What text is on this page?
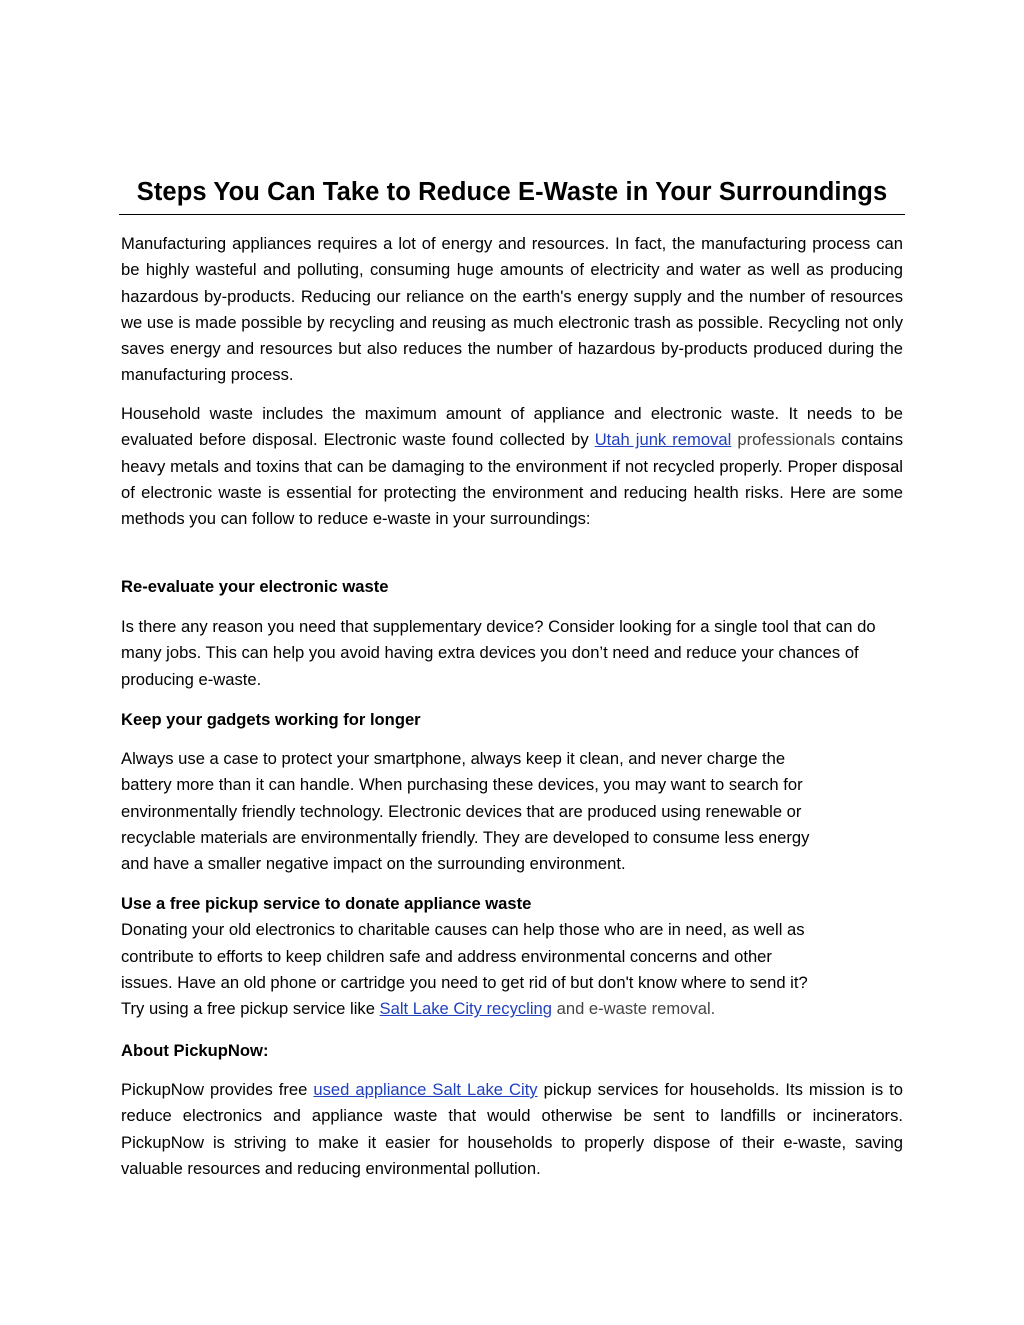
Steps You Can Take to Reduce E-Waste in Your Surroundings

Manufacturing appliances requires a lot of energy and resources. In fact, the manufacturing process can be highly wasteful and polluting, consuming huge amounts of electricity and water as well as producing hazardous by-products. Reducing our reliance on the earth's energy supply and the number of resources we use is made possible by recycling and reusing as much electronic trash as possible. Recycling not only saves energy and resources but also reduces the number of hazardous by-products produced during the manufacturing process.

Household waste includes the maximum amount of appliance and electronic waste. It needs to be evaluated before disposal. Electronic waste found collected by Utah junk removal professionals contains heavy metals and toxins that can be damaging to the environment if not recycled properly. Proper disposal of electronic waste is essential for protecting the environment and reducing health risks. Here are some methods you can follow to reduce e-waste in your surroundings:

Re-evaluate your electronic waste

Is there any reason you need that supplementary device? Consider looking for a single tool that can do many jobs. This can help you avoid having extra devices you don’t need and reduce your chances of producing e-waste.

Keep your gadgets working for longer

Always use a case to protect your smartphone, always keep it clean, and never charge the
battery more than it can handle. When purchasing these devices, you may want to search for
environmentally friendly technology. Electronic devices that are produced using renewable or
recyclable materials are environmentally friendly. They are developed to consume less energy
and have a smaller negative impact on the surrounding environment.
Use a free pickup service to donate appliance waste
Donating your old electronics to charitable causes can help those who are in need, as well as
contribute to efforts to keep children safe and address environmental concerns and other
issues. Have an old phone or cartridge you need to get rid of but don't know where to send it?
Try using a free pickup service like Salt Lake City recycling and e-waste removal.

About PickupNow:

PickupNow provides free used appliance Salt Lake City pickup services for households. Its mission is to reduce electronics and appliance waste that would otherwise be sent to landfills or incinerators. PickupNow is striving to make it easier for households to properly dispose of their e-waste, saving valuable resources and reducing environmental pollution.
